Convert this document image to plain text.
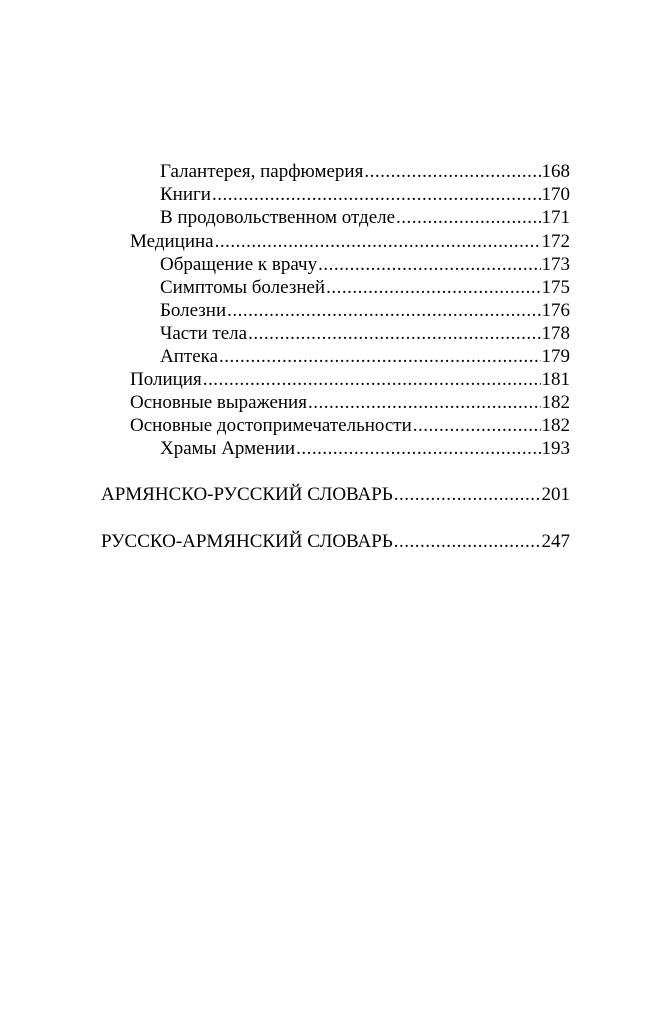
Галантерея, парфюмерия .....	168
Книги .....	170
В продовольственном отделе .....	171
Медицина .....	172
Обращение к врачу .....	173
Симптомы болезней .....	175
Болезни .....	176
Части тела .....	178
Аптека .....	179
Полиция .....	181
Основные выражения .....	182
Основные достопримечательности .....	182
Храмы Армении .....	193
АРМЯНСКО-РУССКИЙ СЛОВАРЬ .....	201
РУССКО-АРМЯНСКИЙ СЛОВАРЬ .....	247
